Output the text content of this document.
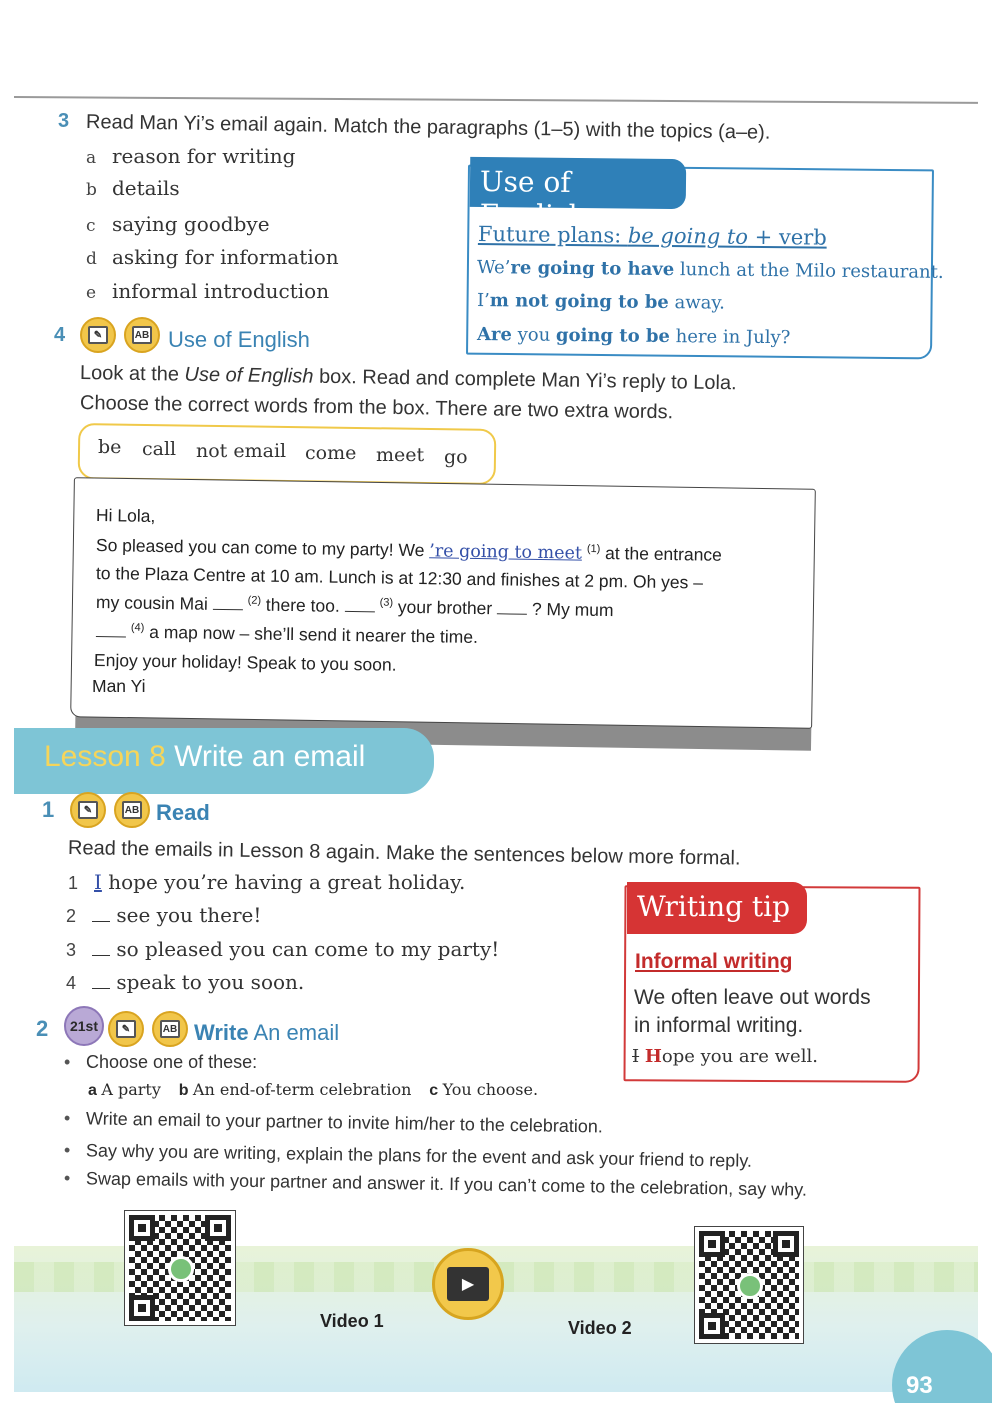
3 Read Man Yi’s email again. Match the paragraphs (1–5) with the topics (a–e).
a reason for writing
b details
c saying goodbye
d asking for information
e informal introduction
Use of English
Future plans: be going to + verb
We’re going to have lunch at the Milo restaurant.
I’m not going to be away.
Are you going to be here in July?
4	✎	AB Use of English
Look at the Use of English box. Read and complete Man Yi’s reply to Lola.
Choose the correct words from the box. There are two extra words.
be call not email come meet go
Hi Lola,
So pleased you can come to my party! We ’re going to meet $^{(1)}$ at the entrance
to the Plaza Centre at 10 am. Lunch is at 12:30 and finishes at 2 pm. Oh yes –
my cousin Mai	$^{(2)}$ there too.	$^{(3)}$ your brother  ? My mum
$^{(4)}$ a map now – she’ll send it nearer the time.
Enjoy your holiday! Speak to you soon.
Man Yi
Lesson 8 Write an email
1	✎	AB Read
Read the emails in Lesson 8 again. Make the sentences below more formal.
1 I hope you’re having a great holiday.
2 see you there!
3 so pleased you can come to my party!
4 speak to you soon.
Writing tip
Informal writing
We often leave out words
in informal writing.
I Hope you are well.
2	21st	✎	AB Write An email
• Choose one of these:
a A party b An end-of-term celebration c You choose.
• Write an email to your partner to invite him/her to the celebration.
• Say why you are writing, explain the plans for the event and ask your friend to reply.
• Swap emails with your partner and answer it. If you can’t come to the celebration, say why.
Video 1
▶
Video 2
93
